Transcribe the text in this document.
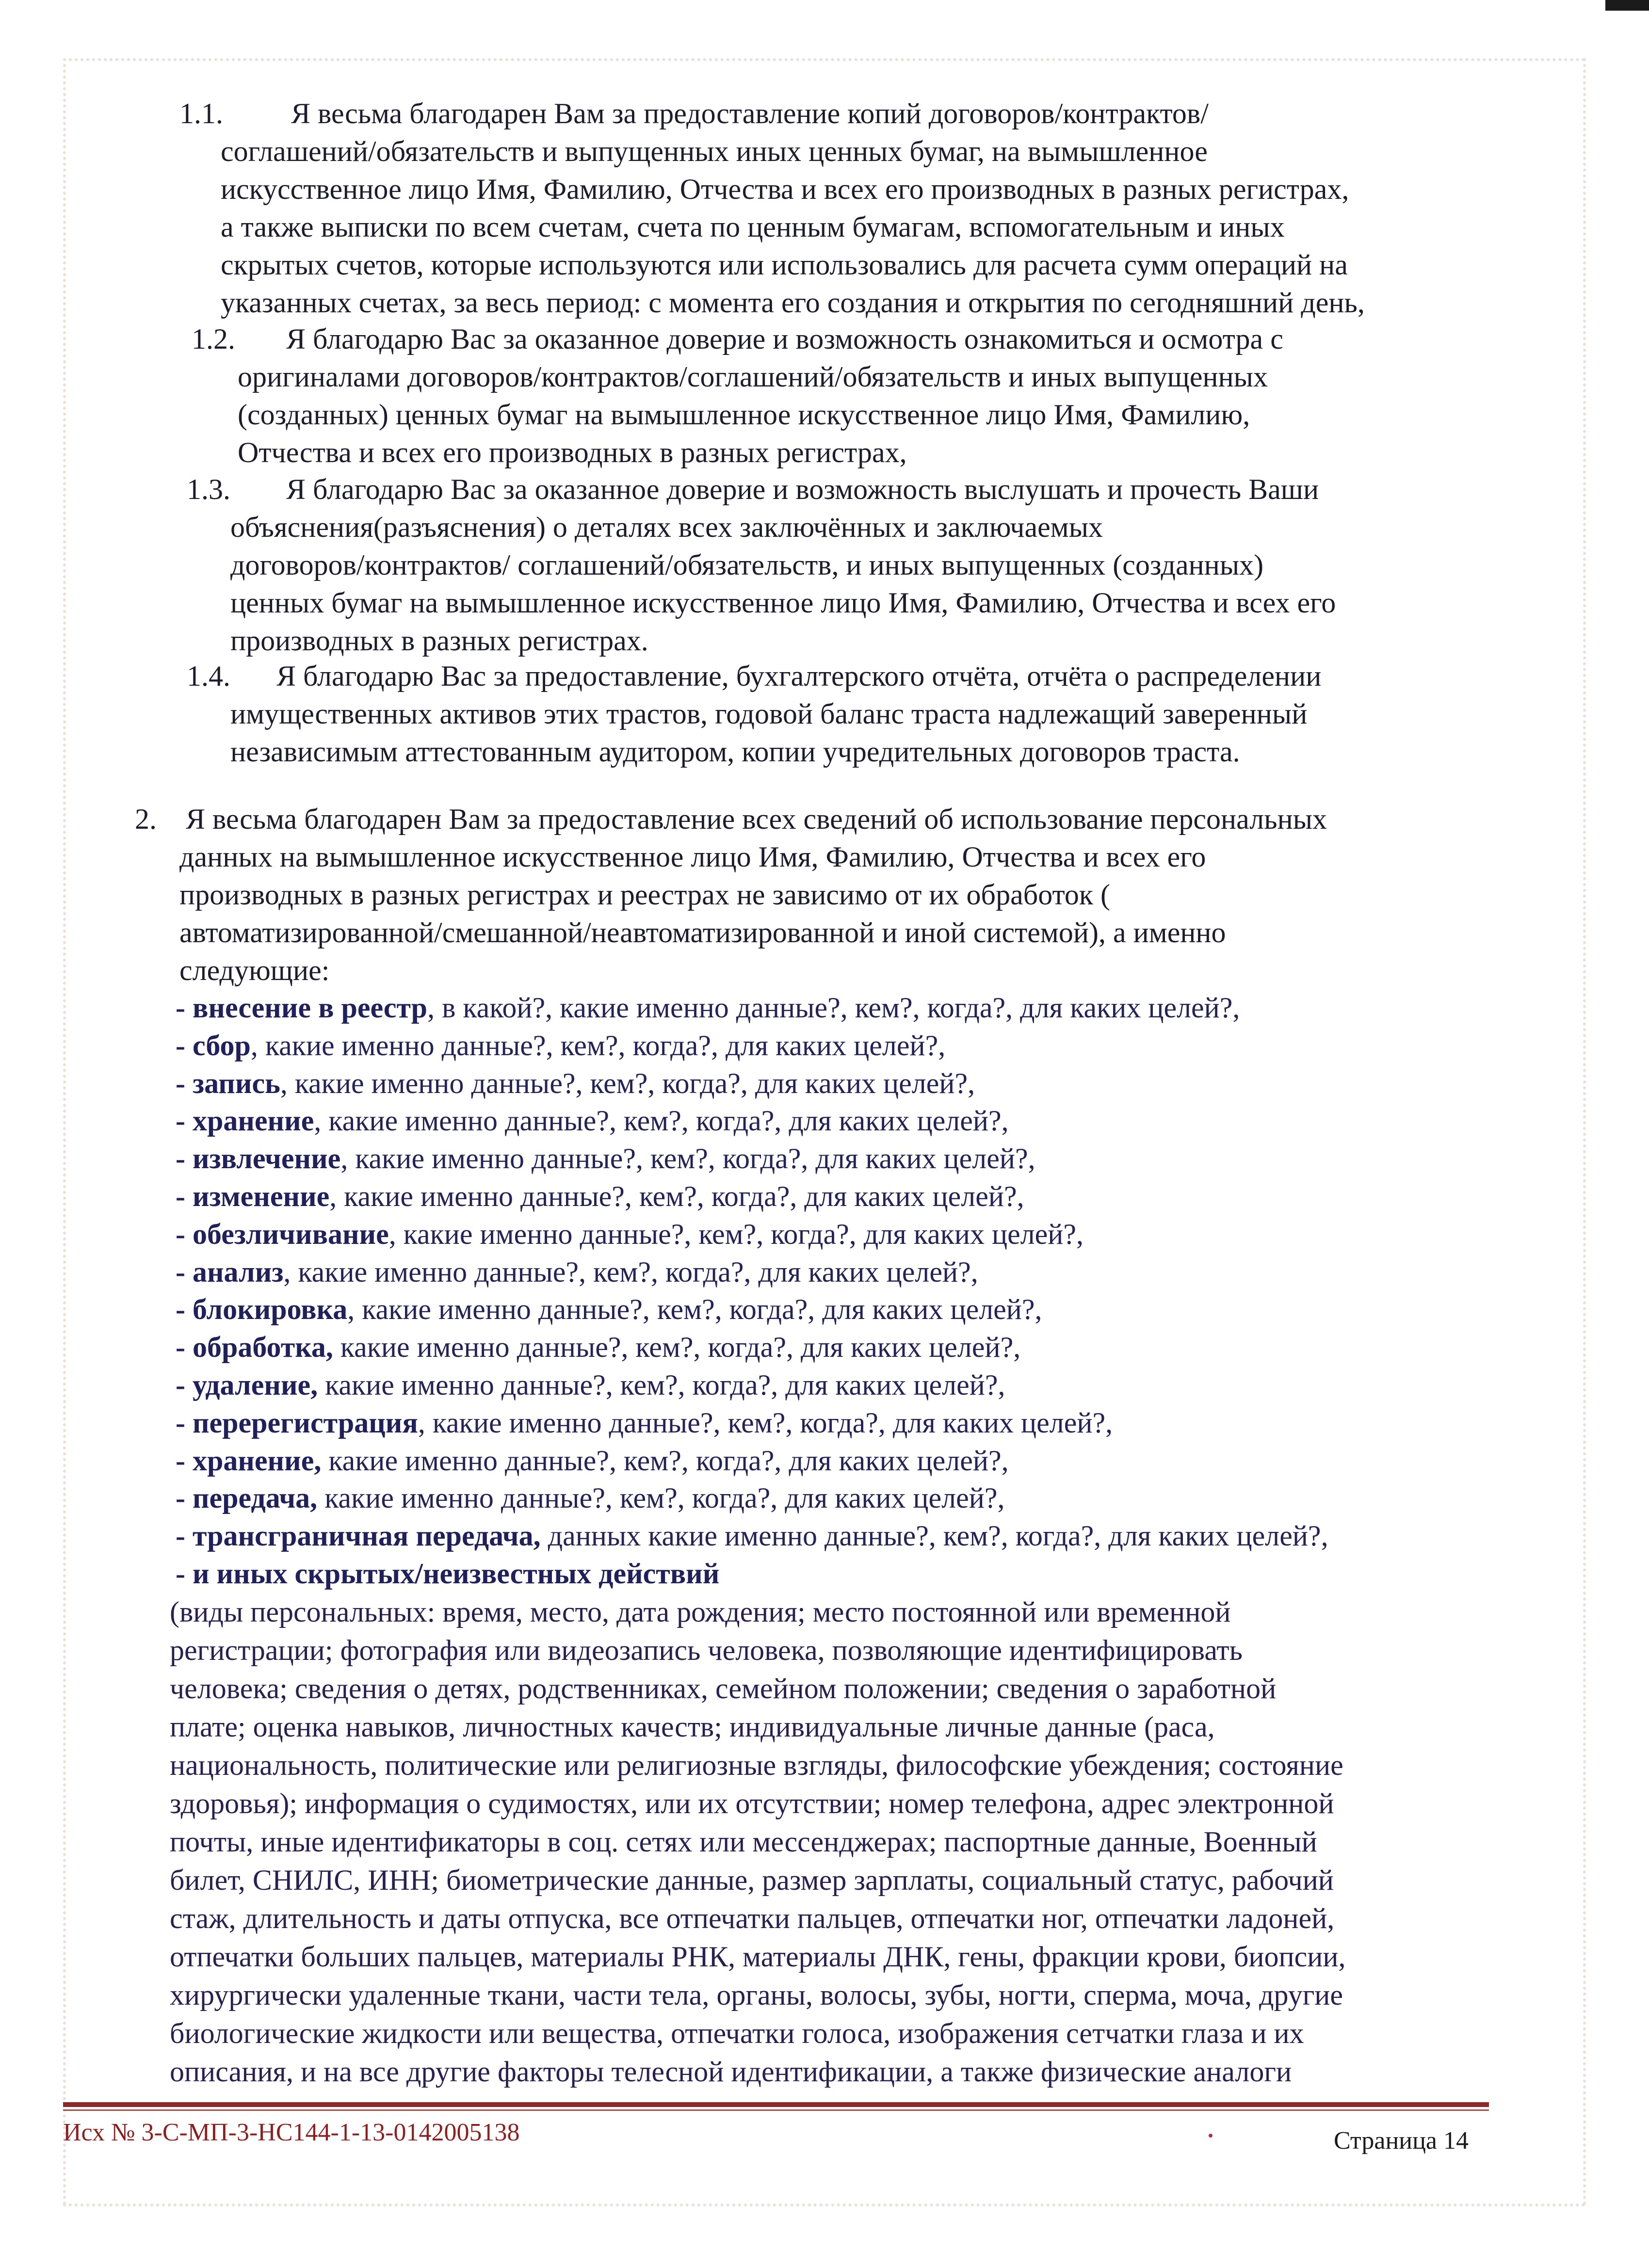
1.1. Я весьма благодарен Вам за предоставление копий договоров/контрактов/
соглашений/обязательств и выпущенных иных ценных бумаг, на вымышленное
искусственное лицо Имя, Фамилию, Отчества и всех его производных в разных регистрах,
а также выписки по всем счетам, счета по ценным бумагам, вспомогательным и иных
скрытых счетов, которые используются или использовались для расчета сумм операций на
указанных счетах, за весь период: с момента его создания и открытия по сегодняшний день,
1.2. Я благодарю Вас за оказанное доверие и возможность ознакомиться и осмотра с
оригиналами договоров/контрактов/соглашений/обязательств и иных выпущенных
(созданных) ценных бумаг на вымышленное искусственное лицо Имя, Фамилию,
Отчества и всех его производных в разных регистрах,
1.3. Я благодарю Вас за оказанное доверие и возможность выслушать и прочесть Ваши
объяснения(разъяснения) о деталях всех заключённых и заключаемых
договоров/контрактов/ соглашений/обязательств, и иных выпущенных (созданных)
ценных бумаг на вымышленное искусственное лицо Имя, Фамилию, Отчества и всех его
производных в разных регистрах.
1.4. Я благодарю Вас за предоставление, бухгалтерского отчёта, отчёта о распределении
имущественных активов этих трастов, годовой баланс траста надлежащий заверенный
независимым аттестованным аудитором, копии учредительных договоров траста.
2. Я весьма благодарен Вам за предоставление всех сведений об использование персональных
данных на вымышленное искусственное лицо Имя, Фамилию, Отчества и всех его
производных в разных регистрах и реестрах не зависимо от их обработок (
автоматизированной/смешанной/неавтоматизированной и иной системой), а именно
следующие:
- внесение в реестр, в какой?, какие именно данные?, кем?, когда?, для каких целей?,
- сбор, какие именно данные?, кем?, когда?, для каких целей?,
- запись, какие именно данные?, кем?, когда?, для каких целей?,
- хранение, какие именно данные?, кем?, когда?, для каких целей?,
- извлечение, какие именно данные?, кем?, когда?, для каких целей?,
- изменение, какие именно данные?, кем?, когда?, для каких целей?,
- обезличивание, какие именно данные?, кем?, когда?, для каких целей?,
- анализ, какие именно данные?, кем?, когда?, для каких целей?,
- блокировка, какие именно данные?, кем?, когда?, для каких целей?,
- обработка, какие именно данные?, кем?, когда?, для каких целей?,
- удаление, какие именно данные?, кем?, когда?, для каких целей?,
- перерегистрация, какие именно данные?, кем?, когда?, для каких целей?,
- хранение, какие именно данные?, кем?, когда?, для каких целей?,
- передача, какие именно данные?, кем?, когда?, для каких целей?,
- трансграничная передача, данных какие именно данные?, кем?, когда?, для каких целей?,
- и иных скрытых/неизвестных действий
(виды персональных: время, место, дата рождения; место постоянной или временной
регистрации; фотография или видеозапись человека, позволяющие идентифицировать
человека; сведения о детях, родственниках, семейном положении; сведения о заработной
плате; оценка навыков, личностных качеств; индивидуальные личные данные (раса,
национальность, политические или религиозные взгляды, философские убеждения; состояние
здоровья); информация о судимостях, или их отсутствии; номер телефона, адрес электронной
почты, иные идентификаторы в соц. сетях или мессенджерах; паспортные данные, Военный
билет, СНИЛС, ИНН; биометрические данные, размер зарплаты, социальный статус, рабочий
стаж, длительность и даты отпуска, все отпечатки пальцев, отпечатки ног, отпечатки ладоней,
отпечатки больших пальцев, материалы РНК, материалы ДНК, гены, фракции крови, биопсии,
хирургически удаленные ткани, части тела, органы, волосы, зубы, ногти, сперма, моча, другие
биологические жидкости или вещества, отпечатки голоса, изображения сетчатки глаза и их
описания, и на все другие факторы телесной идентификации, а также физические аналоги
Исх № 3-С-МП-3-НС144-1-13-0142005138	Страница 14
